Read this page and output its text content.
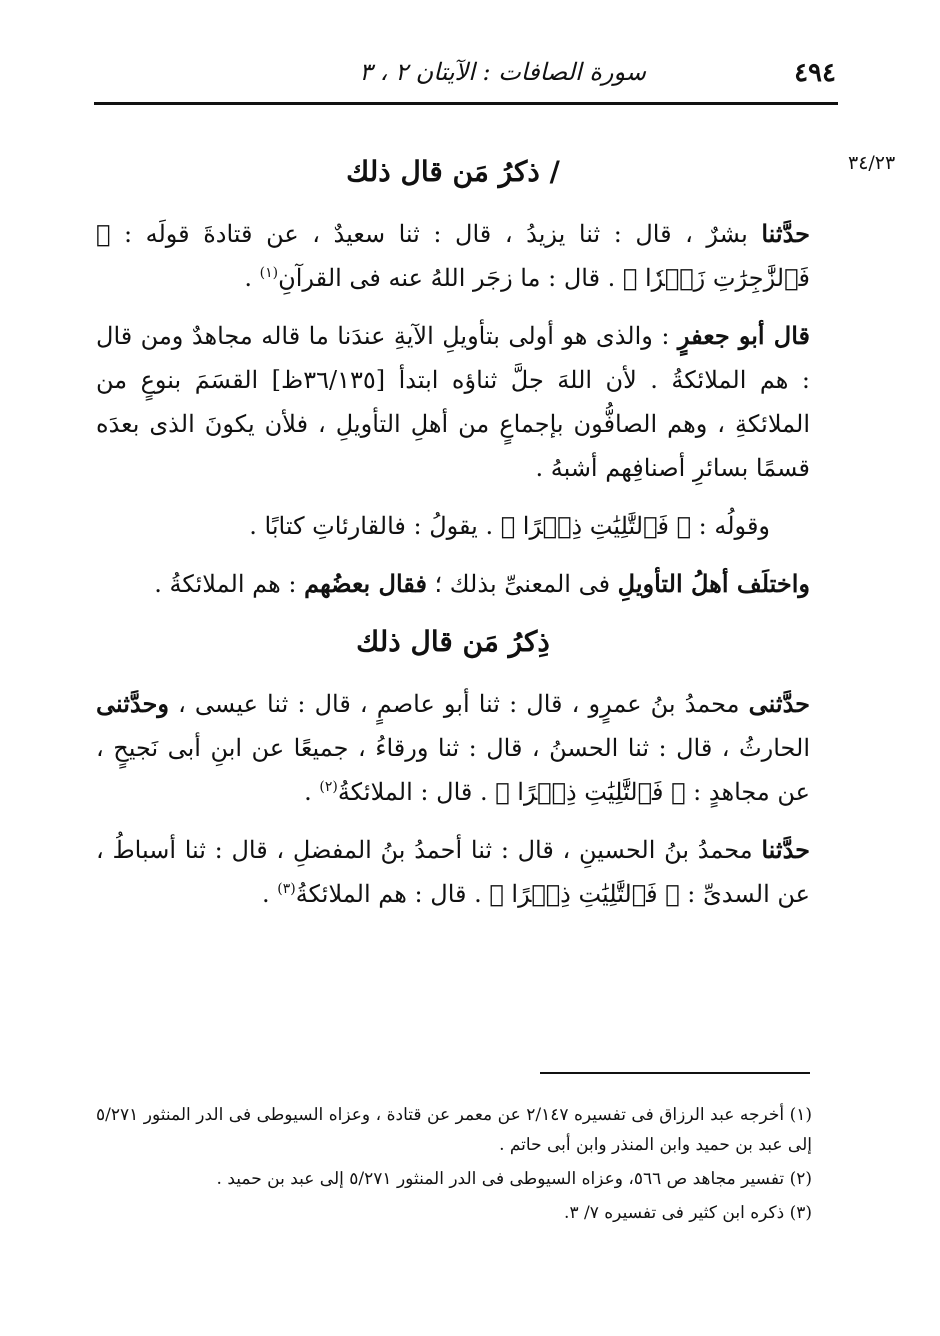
٤٩٤
سورة الصافات : الآيتان ٢ ، ٣
٣٤/٢٣
/ ذكرُ مَن قال ذلك

حدَّثنا بشرٌ ، قال : ثنا يزيدُ ، قال : ثنا سعيدٌ ، عن قتادةَ قولَه : ﴿ فَٱلزَّٰجِرَٰتِ زَجۡرٗا ﴾ . قال : ما زجَر اللهُ عنه فى القرآنِ$^{(١)}$ .

قال أبو جعفرٍ : والذى هو أولى بتأويلِ الآيةِ عندَنا ما قاله مجاهدٌ ومن قال : هم الملائكةُ . لأن اللهَ جلَّ ثناؤه ابتدأ [٣٦/١٣٥ظ] القسَمَ بنوعٍ من الملائكةِ ، وهم الصافُّون بإجماعٍ من أهلِ التأويلِ ، فلأن يكونَ الذى بعدَه قسمًا بسائرِ أصنافِهم أشبهُ .

وقولُه : ﴿ فَٱلتَّٰلِيَٰتِ ذِكۡرًا ﴾ . يقولُ : فالقارئاتِ كتابًا .

واختلَف أهلُ التأويلِ فى المعنىِّ بذلك ؛ فقال بعضُهم : هم الملائكةُ .

ذِكرُ مَن قال ذلك

حدَّثنى محمدُ بنُ عمرٍو ، قال : ثنا أبو عاصمٍ ، قال : ثنا عيسى ، وحدَّثنى الحارثُ ، قال : ثنا الحسنُ ، قال : ثنا ورقاءُ ، جميعًا عن ابنِ أبى نَجيحٍ ، عن مجاهدٍ : ﴿ فَٱلتَّٰلِيَٰتِ ذِكۡرًا ﴾ . قال : الملائكةُ$^{(٢)}$ .

حدَّثنا محمدُ بنُ الحسينِ ، قال : ثنا أحمدُ بنُ المفضلِ ، قال : ثنا أسباطُ ، عن السدىِّ : ﴿ فَٱلتَّٰلِيَٰتِ ذِكۡرًا ﴾ . قال : هم الملائكةُ$^{(٣)}$ .

(١) أخرجه عبد الرزاق فى تفسيره ٢/١٤٧ عن معمر عن قتادة ، وعزاه السيوطى فى الدر المنثور ٥/٢٧١ إلى عبد بن حميد وابن المنذر وابن أبى حاتم .

(٢) تفسير مجاهد ص ٥٦٦، وعزاه السيوطى فى الدر المنثور ٥/٢٧١ إلى عبد بن حميد .

(٣) ذكره ابن كثير فى تفسيره ٧/ ٣.
